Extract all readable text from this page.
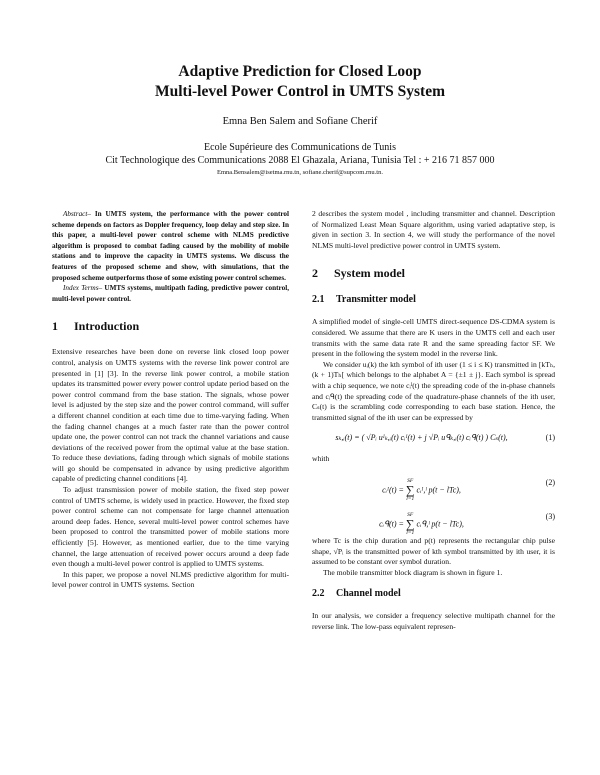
Adaptive Prediction for Closed Loop
Multi-level Power Control in UMTS System
Emna Ben Salem and Sofiane Cherif
Ecole Supérieure des Communications de Tunis
Cit Technologique des Communications 2088 El Ghazala, Ariana, Tunisia Tel : + 216 71 857 000
Emna.Bensalem@isetma.rnu.tn, sofiane.cherif@supcom.rnu.tn.

Abstract– In UMTS system, the performance with the power control scheme depends on factors as Doppler frequency, loop delay and step size. In this paper, a multi-level power control scheme with NLMS predictive algorithm is proposed to combat fading caused by the mobility of mobile stations and to improve the capacity in UMTS systems. We discuss the features of the proposed scheme and show, with simulations, that the proposed scheme outperforms those of some existing power control schemes.

Index Terms– UMTS systems, multipath fading, predictive power control, multi-level power control.

1 Introduction

Extensive researches have been done on reverse link closed loop power control, analysis on UMTS systems with the reverse link power control are presented in [1] [3]. In the reverse link power control, a mobile station updates its transmitted power every power control update period based on the power control command from the base station. The signals, whose power level is adjusted by the step size and the power control command, will suffer a different channel condition at each time due to time-varying fading. When the fading channel changes at a much faster rate than the power control update one, the power control can not track the channel variations and cause deviations of the received power from the optimal value at the base station. To reduce these deviations, fading through which signals of mobile stations will go should be compensated in advance by using predictive algorithm capable of predicting channel conditions [4].

To adjust transmission power of mobile station, the fixed step power control of UMTS scheme, is widely used in practice. However, the fixed step power control scheme can not compensate for large channel attenuation around deep fades. Hence, several multi-level power control schemes have been proposed to control the transmitted power of mobile stations more efficiently [5]. However, as mentioned earlier, due to the time varying channel, the large attenuation of received power occurs around a deep fade even though a multi-level power control is applied to UMTS systems.

In this paper, we propose a novel NLMS predictive algorithm for multi-level power control in UMTS systems. Section

2 describes the system model , including transmitter and channel. Description of Normalized Least Mean Square algorithm, using varied adaptative step, is given in section 3. In section 4, we will study the performance of the novel NLMS multi-level predictive power control in UMTS system.

2 System model
2.1 Transmitter model

A simplified model of single-cell UMTS direct-sequence DS-CDMA system is considered. We assume that there are K users in the UMTS cell and each user transmits with the same data rate R and the same spreading factor SF. We present in the following the system model in the reverse link.

We consider uᵢ(k) the kth symbol of ith user (1 ≤ i ≤ K) transmitted in [kTₕ, (k + 1)Tₕ[ which belongs to the alphabet A = {±1 ± j}. Each symbol is spread with a chip sequence, we note cᵢᴵ(t) the spreading code of the in-phase channels and cᵢᑫ(t) the spreading code of the quadrature-phase channels of the ith user, Cₛ(t) is the scrambling code corresponding to each base station. Hence, the transmitted signal of the ith user can be expressed by

sₖ,ᵢ(t) = ( √Pᵢ uᴵₖ,ᵢ(t) cᵢᴵ(t) + j √Pᵢ uᑫₖ,ᵢ(t) cᵢᑫ(t) ) Cₛ(t),	(1)

whith

cᵢᴵ(t) =
SF
∑
l=1
cᵢᴵ,ˡ p(t − lTc),
(2)
cᵢᑫ(t) =
SF
∑
l=1
cᵢᑫ,ˡ p(t − lTc),
(3)

where Tc is the chip duration and p(t) represents the rectangular chip pulse shape, √Pᵢ is the transmitted power of kth symbol transmitted by ith user, it is assumed to be constant over symbol duration.

The mobile transmitter block diagram is shown in figure 1.

2.2 Channel model

In our analysis, we consider a frequency selective multipath channel for the reverse link. The low-pass equivalent represen-
